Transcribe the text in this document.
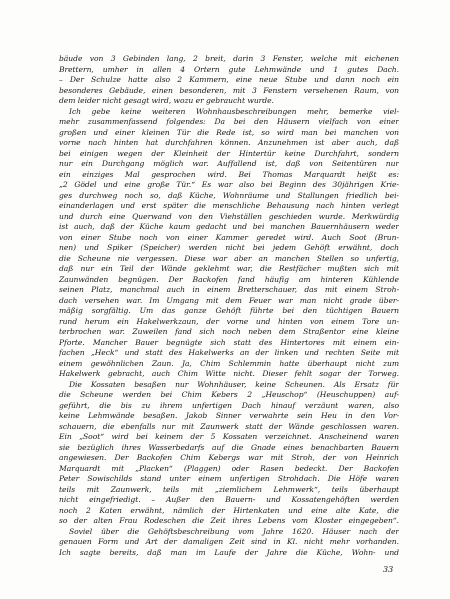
bäude von 3 Gebinden lang, 2 breit, darin 3 Fenster, welche mit eichenen
Brettern, umher in allen 4 Ortern gute Lehmwände und 1 gutes Dach.
– Der Schulze hatte also 2 Kammern, eine neue Stube und dann noch ein
besonderes Gebäude, einen besonderen, mit 3 Fenstern versehenen Raum, von
dem leider nicht gesagt wird, wozu er gebraucht wurde.
Ich gebe keine weiteren Wohnhausbeschreibungen mehr, bemerke viel-
mehr zusammenfassend folgendes: Da bei den Häusern vielfach von einer
großen und einer kleinen Tür die Rede ist, so wird man bei manchen von
vorne nach hinten hat durchfahren können. Anzunehmen ist aber auch, daß
bei einigen wegen der Kleinheit der Hintertür keine Durchfahrt, sondern
nur ein Durchgang möglich war. Auffallend ist, daß von Seitentüren nur
ein einziges Mal gesprochen wird. Bei Thomas Marquardt heißt es:
„2 Gödel und eine große Tür.“ Es war also bei Beginn des 30jährigen Krie-
ges durchweg noch so, daß Küche, Wohnräume und Stallungen friedlich bei-
einanderlagen und erst später die menschliche Behausung nach hinten verlegt
und durch eine Querwand von den Viehställen geschieden wurde. Merkwürdig
ist auch, daß der Küche kaum gedacht und bei manchen Bauernhäusern weder
von einer Stube noch von einer Kammer geredet wird. Auch Soot (Brun-
nen) und Spiker (Speicher) werden nicht bei jedem Gehöft erwähnt, doch
die Scheune nie vergessen. Diese war aber an manchen Stellen so unfertig,
daß nur ein Teil der Wände geklehmt war, die Restfächer mußten sich mit
Zaunwänden begnügen. Der Backofen fand häufig am hinteren Kühlende
seinen Platz, manchmal auch in einem Bretterschauer, das mit einem Stroh-
dach versehen war. Im Umgang mit dem Feuer war man nicht grade über-
mäßig sorgfältig. Um das ganze Gehöft führte bei den tüchtigen Bauern
rund herum ein Hakelwerkzaun, der vorne und hinten von einem Tore un-
terbrochen war. Zuweilen fand sich noch neben dem Straßentor eine kleine
Pforte. Mancher Bauer begnügte sich statt des Hintertores mit einem ein-
fachen „Heck“ und statt des Hakelwerks an der linken und rechten Seite mit
einem gewöhnlichen Zaun. Ja, Chim Schlemmin hatte überhaupt nicht zum
Hakelwerk gebracht, auch Chim Witte nicht. Dieser fehlt sogar der Torweg.
Die Kossaten besaßen nur Wohnhäuser, keine Scheunen. Als Ersatz für
die Scheune werden bei Chim Kebers 2 „Heuschop“ (Heuschuppen) auf-
geführt, die bis zu ihrem unfertigen Dach hinauf verzäunt waren, also
keine Lehmwände besaßen. Jakob Sinner verwahrte sein Heu in den Vor-
schauern, die ebenfalls nur mit Zaunwerk statt der Wände geschlossen waren.
Ein „Soot“ wird bei keinem der 5 Kossaten verzeichnet. Anscheinend waren
sie bezüglich ihres Wasserbedarfs auf die Gnade eines benachbarten Bauern
angewiesen. Der Backofen Chim Kebergs war mit Stroh, der von Heinrich
Marquardt mit „Placken“ (Plaggen) oder Rasen bedeckt. Der Backofen
Peter Sowischilds stand unter einem unfertigen Strohdach. Die Höfe waren
teils mit Zaunwerk, teils mit „ziemlichem Lehmwerk“, teils überhaupt
nicht eingefriedigt. – Außer den Bauern- und Kossatengehöften werden
noch 2 Katen erwähnt, nämlich der Hirtenkaten und eine alte Kate, die
so der alten Frau Rodeschen die Zeit ihres Lebens vom Kloster eingegeben“.
Soviel über die Gehöftsbeschreibung vom Jahre 1620. Häuser nach der
genauen Form und Art der damaligen Zeit sind in Kl. nicht mehr vorhanden.
Ich sagte bereits, daß man im Laufe der Jahre die Küche, Wohn- und
33
